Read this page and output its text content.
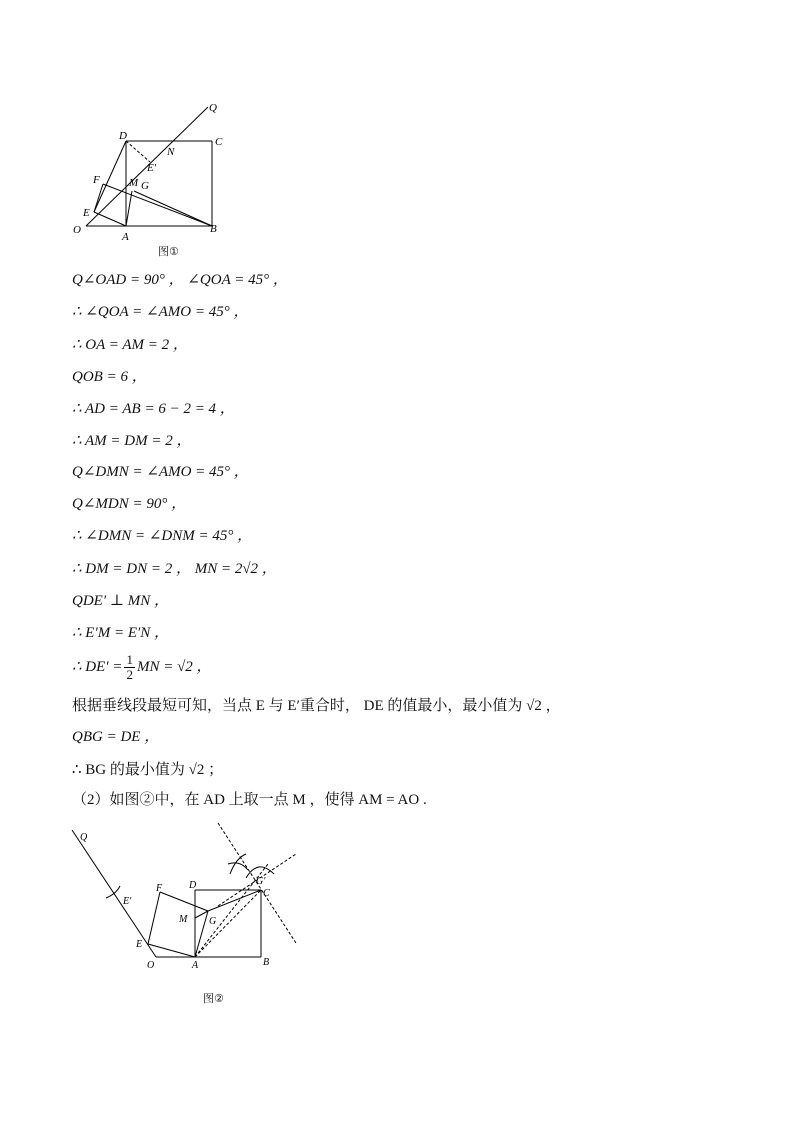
Q
D	C
N
E′
F	M G
E
O
A
B
图①
Q∠OAD = 90° ， ∠QOA = 45° ，
∴ ∠QOA = ∠AMO = 45° ，
∴ OA = AM = 2 ，
QOB = 6 ，
∴ AD = AB = 6 − 2 = 4 ，
∴ AM = DM = 2 ，
Q∠DMN = ∠AMO = 45° ，
Q∠MDN = 90° ，
∴ ∠DMN = ∠DNM = 45° ，
∴ DM = DN = 2 ， MN = 2√2 ，
QDE′ ⊥ MN ，
∴ E′M = E′N ，
∴ $DE' = \frac{1}{2}$ MN = √2 ，
根据垂线段最短可知，当点 E 与 E′重合时， DE 的值最小，最小值为 √2 ，
QBG = DE ，
∴ BG 的最小值为 √2 ；
（2）如图②中，在 AD 上取一点 M ，使得 AM = AO .
Q
E′
F	D	G′
C
M G
E
O	A	B
图②
